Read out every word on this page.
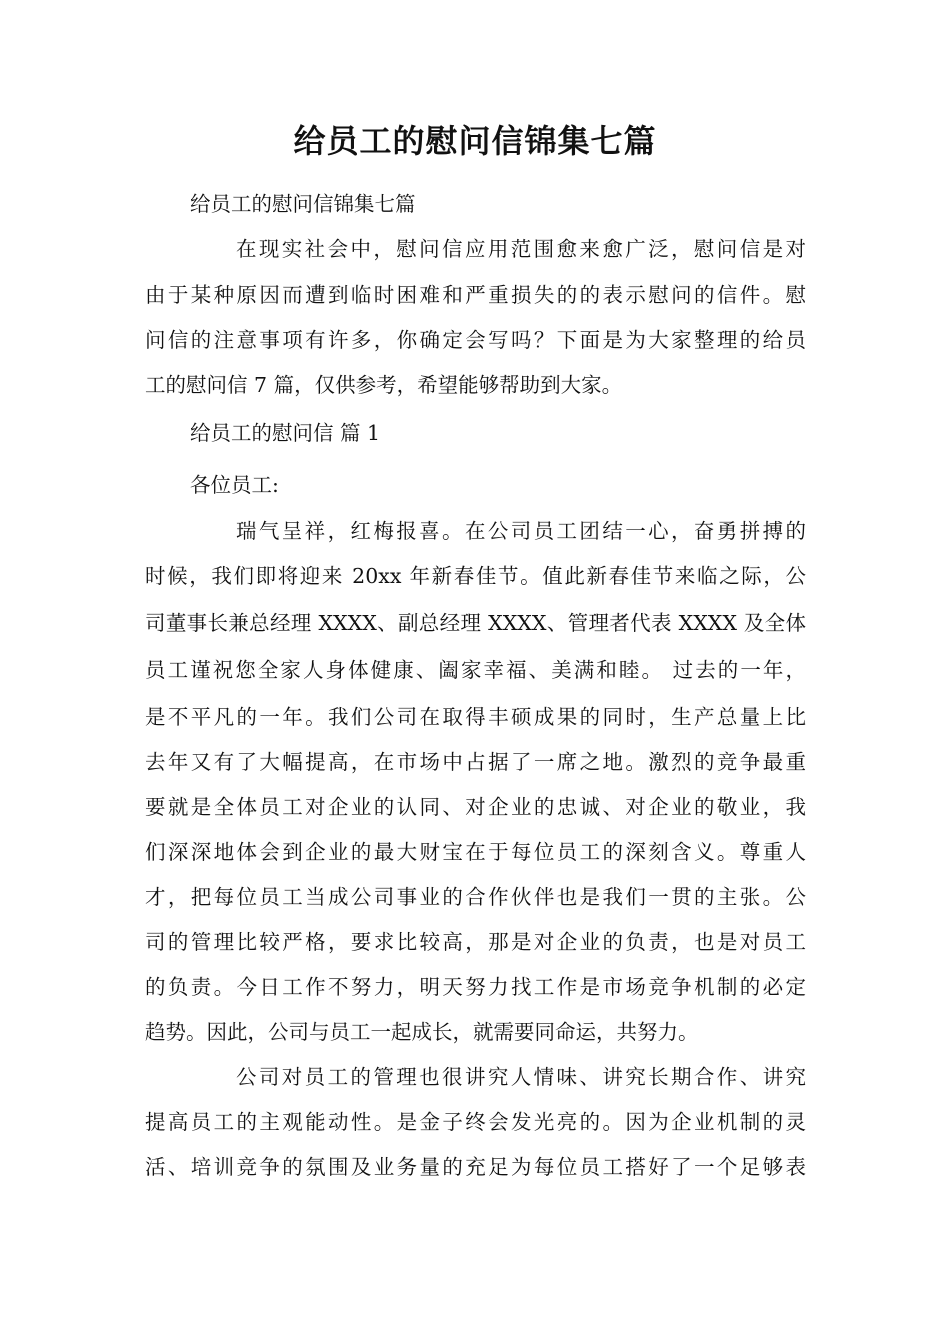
给员工的慰问信锦集七篇

给员工的慰问信锦集七篇

在现实社会中，慰问信应用范围愈来愈广泛，慰问信是对

由于某种原因而遭到临时困难和严重损失的的表示慰问的信件。慰

问信的注意事项有许多，你确定会写吗？下面是为大家整理的给员

工的慰问信 7 篇，仅供参考，希望能够帮助到大家。

给员工的慰问信 篇 1

各位员工:

瑞气呈祥，红梅报喜。在公司员工团结一心，奋勇拼搏的

时候，我们即将迎来 20xx 年新春佳节。值此新春佳节来临之际，公

司董事长兼总经理 XXXX、副总经理 XXXX、管理者代表 XXXX 及全体

员工谨祝您全家人身体健康、阖家幸福、美满和睦。 过去的一年，

是不平凡的一年。我们公司在取得丰硕成果的同时，生产总量上比

去年又有了大幅提高，在市场中占据了一席之地。激烈的竞争最重

要就是全体员工对企业的认同、对企业的忠诚、对企业的敬业，我

们深深地体会到企业的最大财宝在于每位员工的深刻含义。尊重人

才，把每位员工当成公司事业的合作伙伴也是我们一贯的主张。公

司的管理比较严格，要求比较高，那是对企业的负责，也是对员工

的负责。今日工作不努力，明天努力找工作是市场竞争机制的必定

趋势。因此，公司与员工一起成长，就需要同命运，共努力。

公司对员工的管理也很讲究人情味、讲究长期合作、讲究

提高员工的主观能动性。是金子终会发光亮的。因为企业机制的灵

活、培训竞争的氛围及业务量的充足为每位员工搭好了一个足够表
